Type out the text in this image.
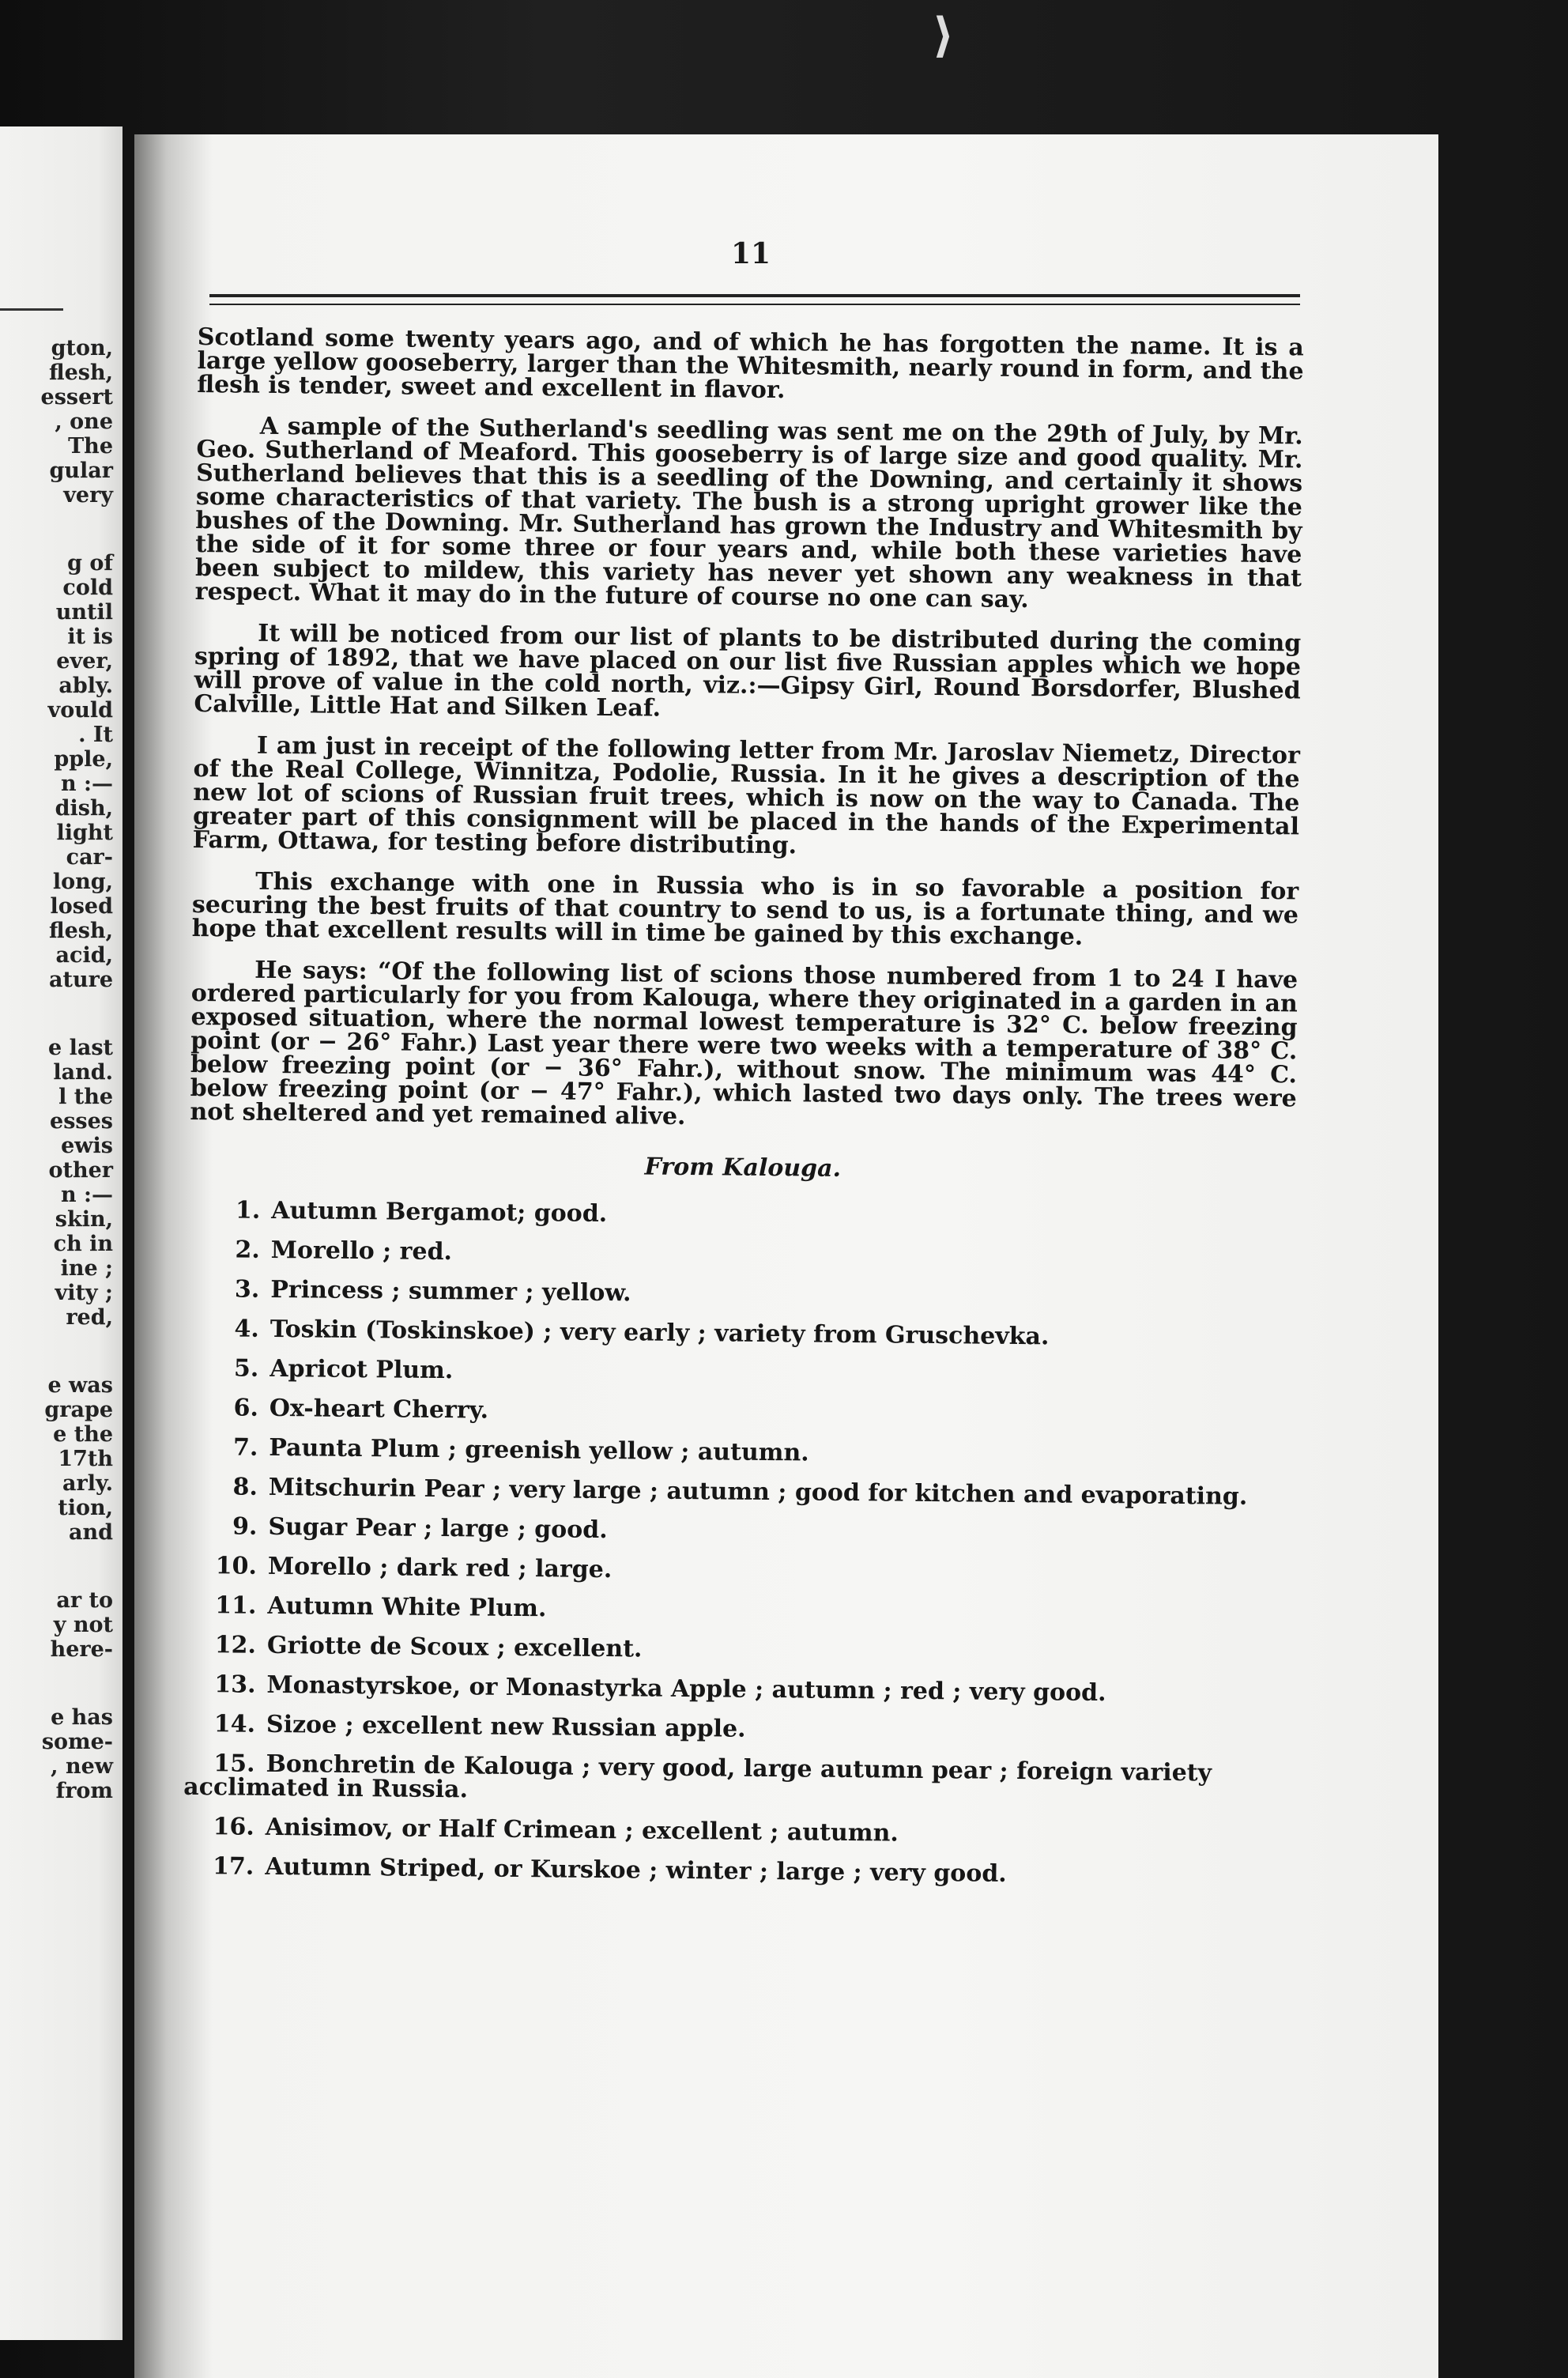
gton,
flesh,
essert
, one
The
gular
very
g of
cold
until
it is
ever,
ably.
vould
. It
pple,
n :—
dish,
light
car-
long,
losed
flesh,
acid,
ature
e last
land.
l the
esses
ewis
other
n :—
skin,
ch in
ine ;
vity ;
red,
e was
grape
e the
17th
arly.
tion,
and
ar to
y not
here-
e has
some-
, new
from
⟩
11

Scotland some twenty years ago, and of which he has forgotten the name. It is a large yellow gooseberry, larger than the Whitesmith, nearly round in form, and the flesh is tender, sweet and excellent in flavor.

A sample of the Sutherland's seedling was sent me on the 29th of July, by Mr. Geo. Sutherland of Meaford. This gooseberry is of large size and good quality. Mr. Sutherland believes that this is a seedling of the Downing, and certainly it shows some characteristics of that variety. The bush is a strong upright grower like the bushes of the Downing. Mr. Sutherland has grown the Industry and Whitesmith by the side of it for some three or four years and, while both these varieties have been subject to mildew, this variety has never yet shown any weakness in that respect. What it may do in the future of course no one can say.

It will be noticed from our list of plants to be distributed during the coming spring of 1892, that we have placed on our list five Russian apples which we hope will prove of value in the cold north, viz.:—Gipsy Girl, Round Borsdorfer, Blushed Calville, Little Hat and Silken Leaf.

I am just in receipt of the following letter from Mr. Jaroslav Niemetz, Director of the Real College, Winnitza, Podolie, Russia. In it he gives a description of the new lot of scions of Russian fruit trees, which is now on the way to Canada. The greater part of this consignment will be placed in the hands of the Experimental Farm, Ottawa, for testing before distributing.

This exchange with one in Russia who is in so favorable a position for securing the best fruits of that country to send to us, is a fortunate thing, and we hope that excellent results will in time be gained by this exchange.

He says: “Of the following list of scions those numbered from 1 to 24 I have ordered particularly for you from Kalouga, where they originated in a garden in an exposed situation, where the normal lowest temperature is 32° C. below freezing point (or − 26° Fahr.) Last year there were two weeks with a temperature of 38° C. below freezing point (or − 36° Fahr.), without snow. The minimum was 44° C. below freezing point (or − 47° Fahr.), which lasted two days only. The trees were not sheltered and yet remained alive.

From Kalouga.
1. Autumn Bergamot; good.
2. Morello ; red.
3. Princess ; summer ; yellow.
4. Toskin (Toskinskoe) ; very early ; variety from Gruschevka.
5. Apricot Plum.
6. Ox-heart Cherry.
7. Paunta Plum ; greenish yellow ; autumn.
8. Mitschurin Pear ; very large ; autumn ; good for kitchen and evaporating.
9. Sugar Pear ; large ; good.
10. Morello ; dark red ; large.
11. Autumn White Plum.
12. Griotte de Scoux ; excellent.
13. Monastyrskoe, or Monastyrka Apple ; autumn ; red ; very good.
14. Sizoe ; excellent new Russian apple.
15. Bonchretin de Kalouga ; very good, large autumn pear ; foreign variety acclimated in Russia.
16. Anisimov, or Half Crimean ; excellent ; autumn.
17. Autumn Striped, or Kurskoe ; winter ; large ; very good.
